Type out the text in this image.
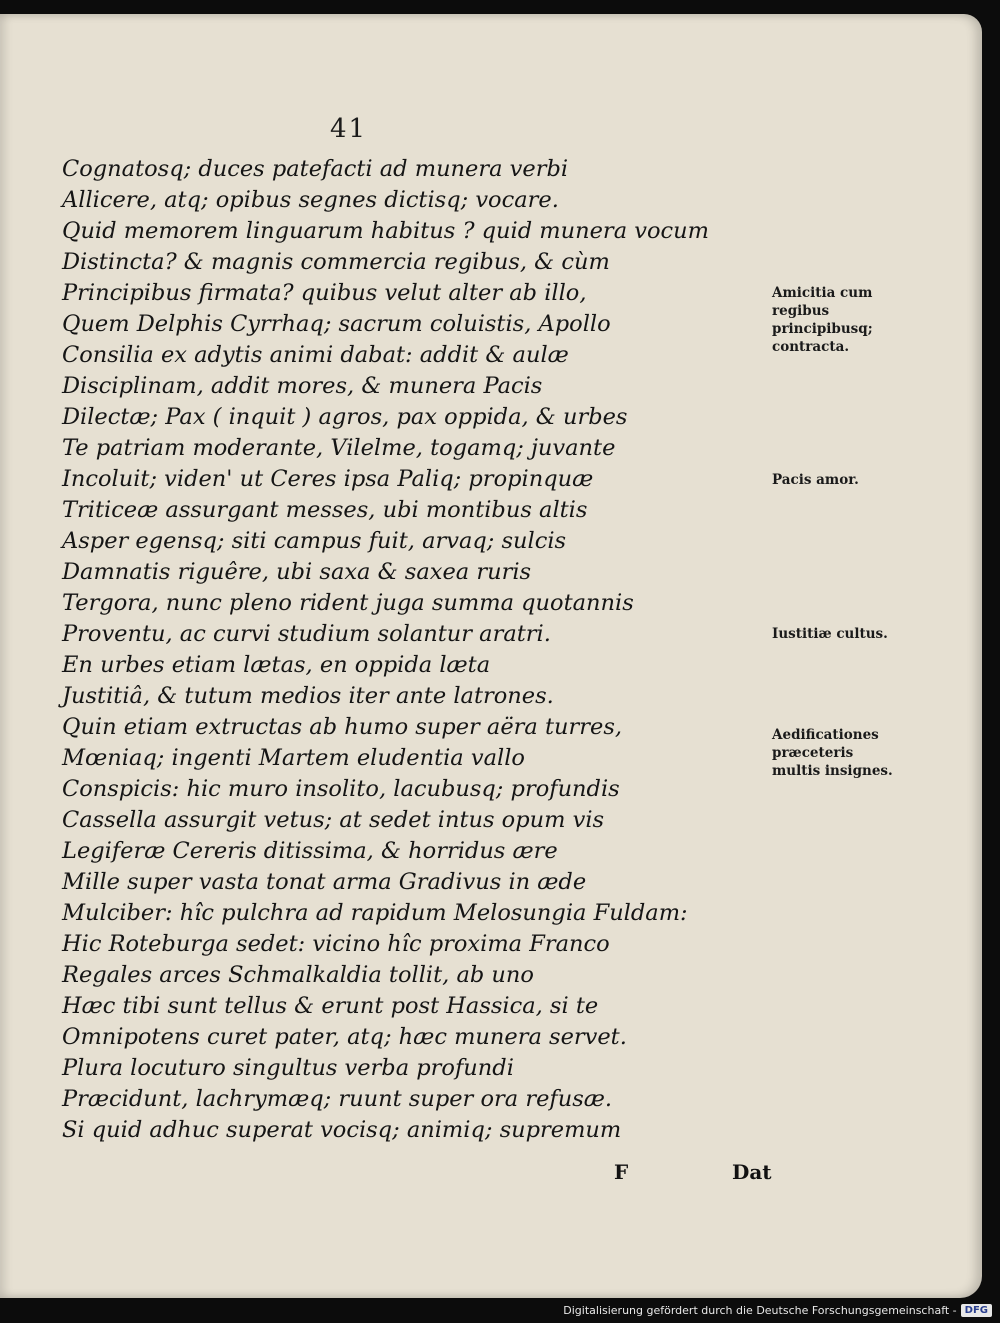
41
Cognatosq; duces patefacti ad munera verbi
Allicere, atq; opibus segnes dictisq; vocare.
Quid memorem linguarum habitus ? quid munera vocum
Distincta? & magnis commercia regibus, & cùm
Principibus firmata? quibus velut alter ab illo,
Quem Delphis Cyrrhaq; sacrum coluistis, Apollo
Consilia ex adytis animi dabat: addit & aulæ
Disciplinam, addit mores, & munera Pacis
Dilectæ; Pax ( inquit ) agros, pax oppida, & urbes
Te patriam moderante, Vilelme, togamq; juvante
Incoluit; viden' ut Ceres ipsa Paliq; propinquæ
Triticeæ assurgant messes, ubi montibus altis
Asper egensq; siti campus fuit, arvaq; sulcis
Damnatis riguêre, ubi saxa & saxea ruris
Tergora, nunc pleno rident juga summa quotannis
Proventu, ac curvi studium solantur aratri.
En urbes etiam lætas, en oppida læta
Justitiâ, & tutum medios iter ante latrones.
Quin etiam extructas ab humo super aëra turres,
Mœniaq; ingenti Martem eludentia vallo
Conspicis: hic muro insolito, lacubusq; profundis
Cassella assurgit vetus; at sedet intus opum vis
Legiferæ Cereris ditissima, & horridus ære
Mille super vasta tonat arma Gradivus in æde
Mulciber: hîc pulchra ad rapidum Melosungia Fuldam:
Hic Roteburga sedet: vicino hîc proxima Franco
Regales arces Schmalkaldia tollit, ab uno
Hæc tibi sunt tellus & erunt post Hassica, si te
Omnipotens curet pater, atq; hæc munera servet.
Plura locuturo singultus verba profundi
Præcidunt, lachrymæq; ruunt super ora refusæ.
Si quid adhuc superat vocisq; animiq; supremum
Amicitia cum regibus principibusq; contracta.
Pacis amor.
Iustitiæ cultus.
Aedificationes præceteris multis insignes.
F	Dat
Digitalisierung gefördert durch die Deutsche Forschungsgemeinschaft - DFG
